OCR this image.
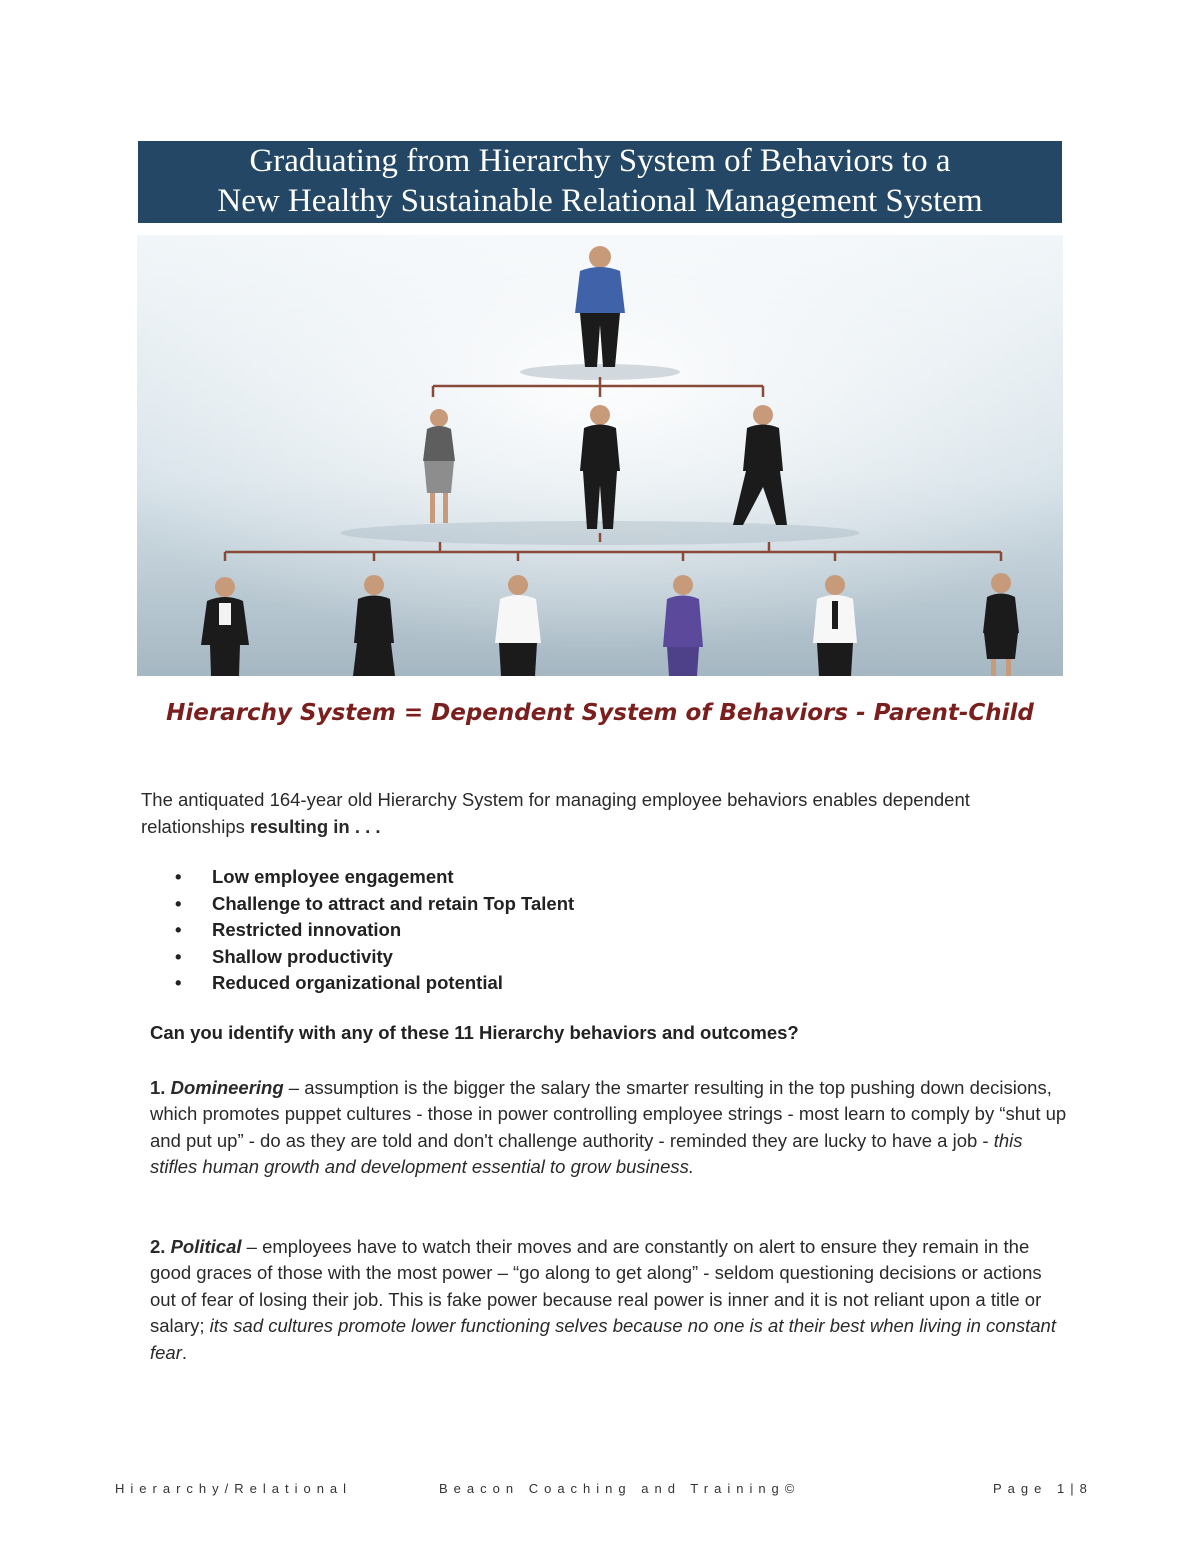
Graduating from Hierarchy System of Behaviors to a
New Healthy Sustainable Relational Management System
Hierarchy System = Dependent System of Behaviors - Parent-Child
The antiquated 164-year old Hierarchy System for managing employee behaviors enables dependent relationships resulting in . . .
• Low employee engagement
• Challenge to attract and retain Top Talent
• Restricted innovation
• Shallow productivity
• Reduced organizational potential
Can you identify with any of these 11 Hierarchy behaviors and outcomes?
1. Domineering – assumption is the bigger the salary the smarter resulting in the top pushing down decisions, which promotes puppet cultures - those in power controlling employee strings - most learn to comply by “shut up and put up” - do as they are told and don't challenge authority - reminded they are lucky to have a job - this stifles human growth and development essential to grow business.
2. Political – employees have to watch their moves and are constantly on alert to ensure they remain in the good graces of those with the most power – “go along to get along” - seldom questioning decisions or actions out of fear of losing their job. This is fake power because real power is inner and it is not reliant upon a title or salary; its sad cultures promote lower functioning selves because no one is at their best when living in constant fear.
Hierarchy/Relational	Beacon Coaching and Training©	Page 1|8
